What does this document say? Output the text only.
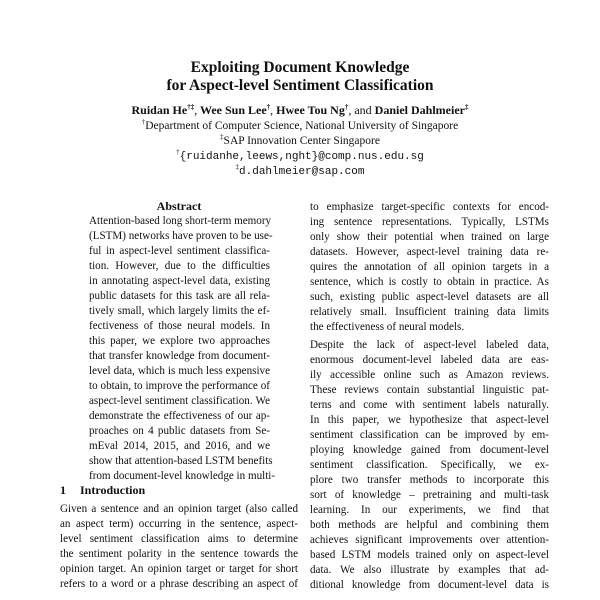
Exploiting Document Knowledge
for Aspect-level Sentiment Classification
Ruidan He†‡, Wee Sun Lee†, Hwee Tou Ng†, and Daniel Dahlmeier‡
†Department of Computer Science, National University of Singapore
‡SAP Innovation Center Singapore
†{ruidanhe,leews,nght}@comp.nus.edu.sg
‡d.dahlmeier@sap.com
Abstract
Attention-based long short-term memory
(LSTM) networks have proven to be use-
ful in aspect-level sentiment classifica-
tion. However, due to the difficulties
in annotating aspect-level data, existing
public datasets for this task are all rela-
tively small, which largely limits the ef-
fectiveness of those neural models. In
this paper, we explore two approaches
that transfer knowledge from document-
level data, which is much less expensive
to obtain, to improve the performance of
aspect-level sentiment classification. We
demonstrate the effectiveness of our ap-
proaches on 4 public datasets from Se-
mEval 2014, 2015, and 2016, and we
show that attention-based LSTM benefits
from document-level knowledge in multi-
1 Introduction
Given a sentence and an opinion target (also called
an aspect term) occurring in the sentence, aspect-
level sentiment classification aims to determine
the sentiment polarity in the sentence towards the
opinion target. An opinion target or target for short
refers to a word or a phrase describing an aspect of
to emphasize target-specific contexts for encod-
ing sentence representations. Typically, LSTMs
only show their potential when trained on large
datasets. However, aspect-level training data re-
quires the annotation of all opinion targets in a
sentence, which is costly to obtain in practice. As
such, existing public aspect-level datasets are all
relatively small. Insufficient training data limits
the effectiveness of neural models.
Despite the lack of aspect-level labeled data,
enormous document-level labeled data are eas-
ily accessible online such as Amazon reviews.
These reviews contain substantial linguistic pat-
terns and come with sentiment labels naturally.
In this paper, we hypothesize that aspect-level
sentiment classification can be improved by em-
ploying knowledge gained from document-level
sentiment classification. Specifically, we ex-
plore two transfer methods to incorporate this
sort of knowledge – pretraining and multi-task
learning. In our experiments, we find that
both methods are helpful and combining them
achieves significant improvements over attention-
based LSTM models trained only on aspect-level
data. We also illustrate by examples that ad-
ditional knowledge from document-level data is
